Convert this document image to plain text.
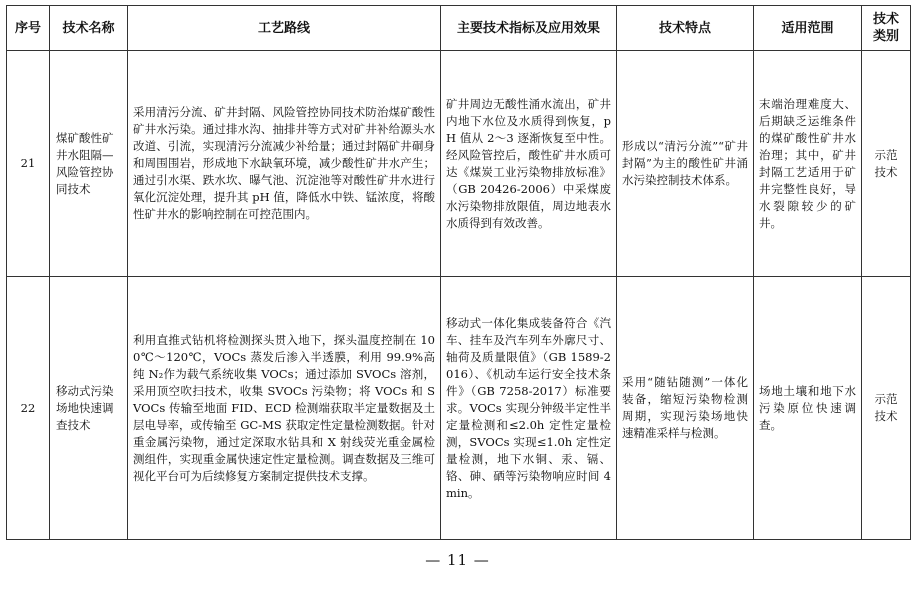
序号	技术名称	工艺路线	主要技术指标及应用效果	技术特点	适用范围	技术类别

21	煤矿酸性矿井水阻隔—风险管控协同技术	采用清污分流、矿井封隔、风险管控协同技术防治煤矿酸性矿井水污染。通过排水沟、抽排井等方式对矿井补给源头水改道、引流，实现清污分流减少补给量；通过封隔矿井硐身和周围围岩，形成地下水缺氧环境，减少酸性矿井水产生；通过引水渠、跌水坎、曝气池、沉淀池等对酸性矿井水进行氧化沉淀处理，提升其 pH 值，降低水中铁、锰浓度，将酸性矿井水的影响控制在可控范围内。	矿井周边无酸性涌水流出，矿井内地下水位及水质得到恢复，pH 值从 2～3 逐渐恢复至中性。经风险管控后，酸性矿井水质可达《煤炭工业污染物排放标准》（GB 20426-2006）中采煤废水污染物排放限值，周边地表水水质得到有效改善。	形成以“清污分流”“矿井封隔”为主的酸性矿井涌水污染控制技术体系。	末端治理难度大、后期缺乏运维条件的煤矿酸性矿井水治理；其中，矿井封隔工艺适用于矿井完整性良好，导水裂隙较少的矿井。	示范技术

22	移动式污染场地快速调查技术	利用直推式钻机将检测探头贯入地下，探头温度控制在 100℃～120℃，VOCs 蒸发后渗入半透膜，利用 99.9%高纯 N₂作为载气系统收集 VOCs；通过添加 SVOCs 溶剂，采用顶空吹扫技术，收集 SVOCs 污染物；将 VOCs 和 SVOCs 传输至地面 FID、ECD 检测端获取半定量数据及土层电导率，或传输至 GC-MS 获取定性定量检测数据。针对重金属污染物，通过定深取水钻具和 X 射线荧光重金属检测组件，实现重金属快速定性定量检测。调查数据及三维可视化平台可为后续修复方案制定提供技术支撑。	移动式一体化集成装备符合《汽车、挂车及汽车列车外廓尺寸、轴荷及质量限值》（GB 1589-2016）、《机动车运行安全技术条件》（GB 7258-2017）标准要求。VOCs 实现分钟级半定性半定量检测和≤2.0h 定性定量检测，SVOCs 实现≤1.0h 定性定量检测，地下水铜、汞、镉、铬、砷、硒等污染物响应时间 4min。	采用“随钻随测”一体化装备，缩短污染物检测周期，实现污染场地快速精准采样与检测。	场地土壤和地下水污染原位快速调查。	示范技术
— 11 —
